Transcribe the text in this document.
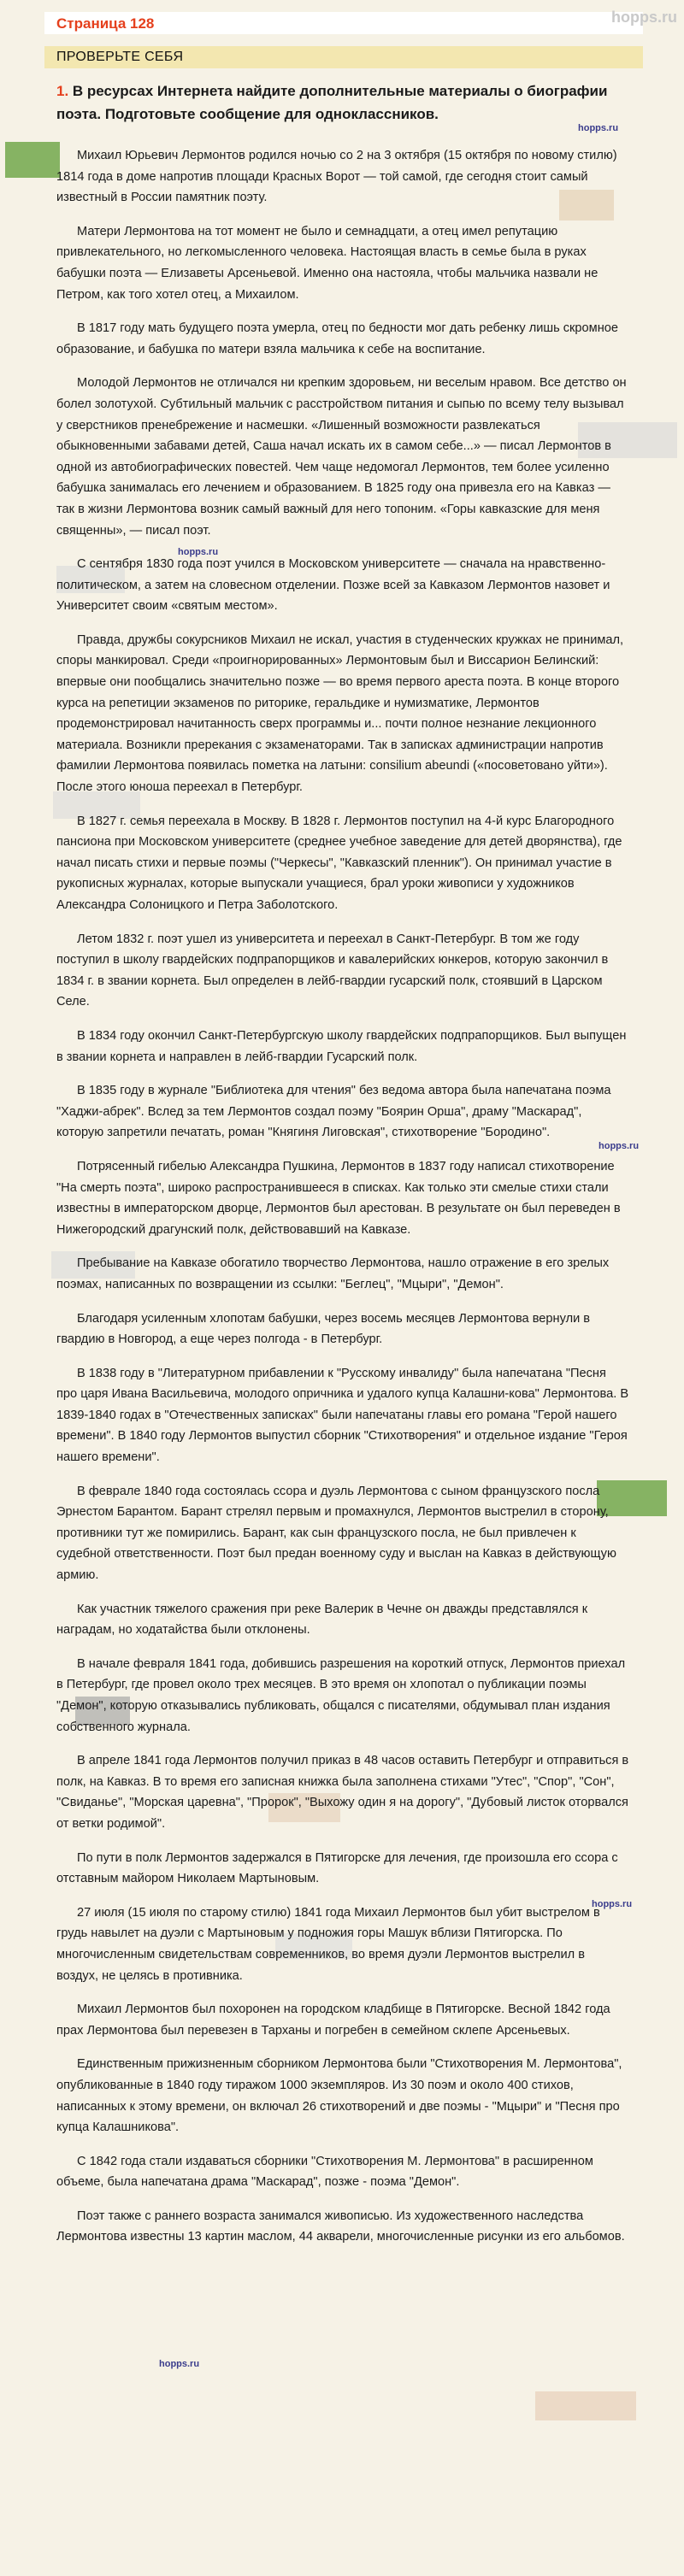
Страница 128	hopps.ru
ПРОВЕРЬТЕ СЕБЯ
1. В ресурсах Интернета найдите дополнительные материалы о биографии поэта. Подготовьте сообщение для одноклассников.
hopps.ru
hopps.ru
hopps.ru
hopps.ru
hopps.ru

Михаил Юрьевич Лермонтов родился ночью со 2 на 3 октября (15 октября по новому стилю) 1814 года в доме напротив площади Красных Ворот — той самой, где сегодня стоит самый известный в России памятник поэту.

Матери Лермонтова на тот момент не было и семнадцати, а отец имел репутацию привлекательного, но легкомысленного человека. Настоящая власть в семье была в руках бабушки поэта — Елизаветы Арсеньевой. Именно она настояла, чтобы мальчика назвали не Петром, как того хотел отец, а Михаилом.

В 1817 году мать будущего поэта умерла, отец по бедности мог дать ребенку лишь скромное образование, и бабушка по матери взяла мальчика к себе на воспитание.

Молодой Лермонтов не отличался ни крепким здоровьем, ни веселым нравом. Все детство он болел золотухой. Субтильный мальчик с расстройством питания и сыпью по всему телу вызывал у сверстников пренебрежение и насмешки. «Лишенный возможности развлекаться обыкновенными забавами детей, Саша начал искать их в самом себе...» — писал Лермонтов в одной из автобиографических повестей. Чем чаще недомогал Лермонтов, тем более усиленно бабушка занималась его лечением и образованием. В 1825 году она привезла его на Кавказ — так в жизни Лермонтова возник самый важный для него топоним. «Горы кавказские для меня священны», — писал поэт.

С сентября 1830 года поэт учился в Московском университете — сначала на нравственно-политическом, а затем на словесном отделении. Позже всей за Кавказом Лермонтов назовет и Университет своим «святым местом».

Правда, дружбы сокурсников Михаил не искал, участия в студенческих кружках не принимал, споры манкировал. Среди «проигнорированных» Лермонтовым был и Виссарион Белинский: впервые они пообщались значительно позже — во время первого ареста поэта. В конце второго курса на репетиции экзаменов по риторике, геральдике и нумизматике, Лермонтов продемонстрировал начитанность сверх программы и... почти полное незнание лекционного материала. Возникли пререкания с экзаменаторами. Так в записках администрации напротив фамилии Лермонтова появилась пометка на латыни: consilium abeundi («посоветовано уйти»). После этого юноша переехал в Петербург.

В 1827 г. семья переехала в Москву. В 1828 г. Лермонтов поступил на 4-й курс Благородного пансиона при Московском университете (среднее учебное заведение для детей дворянства), где начал писать стихи и первые поэмы ("Черкесы", "Кавказский пленник"). Он принимал участие в рукописных журналах, которые выпускали учащиеся, брал уроки живописи у художников Александра Солоницкого и Петра Заболотского.

Летом 1832 г. поэт ушел из университета и переехал в Санкт-Петербург. В том же году поступил в школу гвардейских подпрапорщиков и кавалерийских юнкеров, которую закончил в 1834 г. в звании корнета. Был определен в лейб-гвардии гусарский полк, стоявший в Царском Селе.

В 1834 году окончил Санкт-Петербургскую школу гвардейских подпрапорщиков. Был выпущен в звании корнета и направлен в лейб-гвардии Гусарский полк.

В 1835 году в журнале "Библиотека для чтения" без ведома автора была напечатана поэма "Хаджи-абрек". Вслед за тем Лермонтов создал поэму "Боярин Орша", драму "Маскарад", которую запретили печатать, роман "Княгиня Лиговская", стихотворение "Бородино".

Потрясенный гибелью Александра Пушкина, Лермонтов в 1837 году написал стихотворение "На смерть поэта", широко распространившееся в списках. Как только эти смелые стихи стали известны в императорском дворце, Лермонтов был арестован. В результате он был переведен в Нижегородский драгунский полк, действовавший на Кавказе.

Пребывание на Кавказе обогатило творчество Лермонтова, нашло отражение в его зрелых поэмах, написанных по возвращении из ссылки: "Беглец", "Мцыри", "Демон".

Благодаря усиленным хлопотам бабушки, через восемь месяцев Лермонтова вернули в гвардию в Новгород, а еще через полгода - в Петербург.

В 1838 году в "Литературном прибавлении к "Русскому инвалиду" была напечатана "Песня про царя Ивана Васильевича, молодого опричника и удалого купца Калашни-кова" Лермонтова. В 1839-1840 годах в "Отечественных записках" были напечатаны главы его романа "Герой нашего времени". В 1840 году Лермонтов выпустил сборник "Стихотворения" и отдельное издание "Героя нашего времени".

В феврале 1840 года состоялась ссора и дуэль Лермонтова с сыном французского посла Эрнестом Барантом. Барант стрелял первым и промахнулся, Лермонтов выстрелил в сторону, противники тут же помирились. Барант, как сын французского посла, не был привлечен к судебной ответственности. Поэт был предан военному суду и выслан на Кавказ в действующую армию.

Как участник тяжелого сражения при реке Валерик в Чечне он дважды представлялся к наградам, но ходатайства были отклонены.

В начале февраля 1841 года, добившись разрешения на короткий отпуск, Лермонтов приехал в Петербург, где провел около трех месяцев. В это время он хлопотал о публикации поэмы "Демон", которую отказывались публиковать, общался с писателями, обдумывал план издания собственного журнала.

В апреле 1841 года Лермонтов получил приказ в 48 часов оставить Петербург и отправиться в полк, на Кавказ. В то время его записная книжка была заполнена стихами "Утес", "Спор", "Сон", "Свиданье", "Морская царевна", "Пророк", "Выхожу один я на дорогу", "Дубовый листок оторвался от ветки родимой".

По пути в полк Лермонтов задержался в Пятигорске для лечения, где произошла его ссора с отставным майором Николаем Мартыновым.

27 июля (15 июля по старому стилю) 1841 года Михаил Лермонтов был убит выстрелом в грудь навылет на дуэли с Мартыновым у подножия горы Машук вблизи Пятигорска. По многочисленным свидетельствам современников, во время дуэли Лермонтов выстрелил в воздух, не целясь в противника.

Михаил Лермонтов был похоронен на городском кладбище в Пятигорске. Весной 1842 года прах Лермонтова был перевезен в Тарханы и погребен в семейном склепе Арсеньевых.

Единственным прижизненным сборником Лермонтова были "Стихотворения М. Лермонтова", опубликованные в 1840 году тиражом 1000 экземпляров. Из 30 поэм и около 400 стихов, написанных к этому времени, он включал 26 стихотворений и две поэмы - "Мцыри" и "Песня про купца Калашникова".

С 1842 года стали издаваться сборники "Стихотворения М. Лермонтова" в расширенном объеме, была напечатана драма "Маскарад", позже - поэма "Демон".

Поэт также с раннего возраста занимался живописью. Из художественного наследства Лермонтова известны 13 картин маслом, 44 акварели, многочисленные рисунки из его альбомов.
